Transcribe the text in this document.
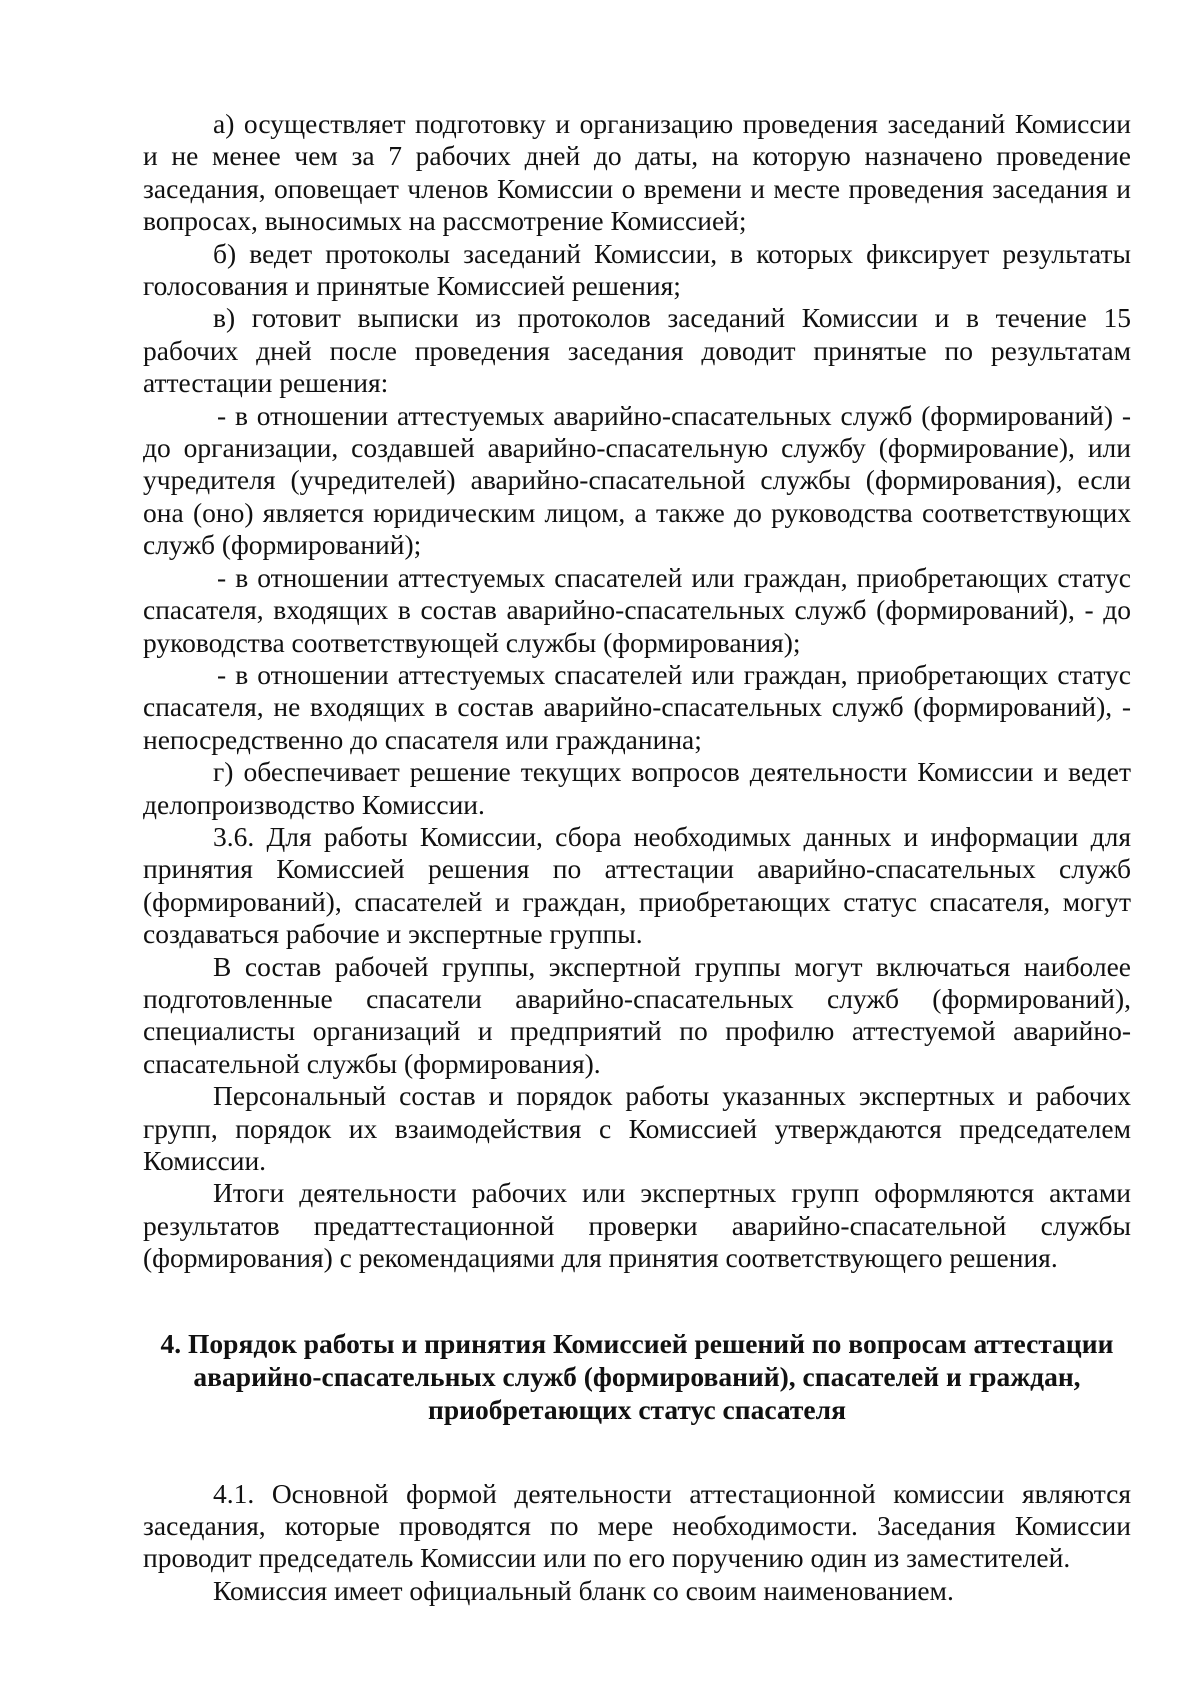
а) осуществляет подготовку и организацию проведения заседаний Комиссии и не менее чем за 7 рабочих дней до даты, на которую назначено проведение заседания, оповещает членов Комиссии о времени и месте проведения заседания и вопросах, выносимых на рассмотрение Комиссией;

б) ведет протоколы заседаний Комиссии, в которых фиксирует результаты голосования и принятые Комиссией решения;

в) готовит выписки из протоколов заседаний Комиссии и в течение 15 рабочих дней после проведения заседания доводит принятые по результатам аттестации решения:

- в отношении аттестуемых аварийно-спасательных служб (формирований) - до организации, создавшей аварийно-спасательную службу (формирование), или учредителя (учредителей) аварийно-спасательной службы (формирования), если она (оно) является юридическим лицом, а также до руководства соответствующих служб (формирований);

- в отношении аттестуемых спасателей или граждан, приобретающих статус спасателя, входящих в состав аварийно-спасательных служб (формирований), - до руководства соответствующей службы (формирования);

- в отношении аттестуемых спасателей или граждан, приобретающих статус спасателя, не входящих в состав аварийно-спасательных служб (формирований), - непосредственно до спасателя или гражданина;

г) обеспечивает решение текущих вопросов деятельности Комиссии и ведет делопроизводство Комиссии.

3.6. Для работы Комиссии, сбора необходимых данных и информации для принятия Комиссией решения по аттестации аварийно-спасательных служб (формирований), спасателей и граждан, приобретающих статус спасателя, могут создаваться рабочие и экспертные группы.

В состав рабочей группы, экспертной группы могут включаться наиболее подготовленные спасатели аварийно-спасательных служб (формирований), специалисты организаций и предприятий по профилю аттестуемой аварийно-спасательной службы (формирования).

Персональный состав и порядок работы указанных экспертных и рабочих групп, порядок их взаимодействия с Комиссией утверждаются председателем Комиссии.

Итоги деятельности рабочих или экспертных групп оформляются актами результатов предаттестационной проверки аварийно-спасательной службы (формирования) с рекомендациями для принятия соответствующего решения.

4. Порядок работы и принятия Комиссией решений по вопросам аттестации аварийно-спасательных служб (формирований), спасателей и граждан, приобретающих статус спасателя

4.1. Основной формой деятельности аттестационной комиссии являются заседания, которые проводятся по мере необходимости. Заседания Комиссии проводит председатель Комиссии или по его поручению один из заместителей.

Комиссия имеет официальный бланк со своим наименованием.
